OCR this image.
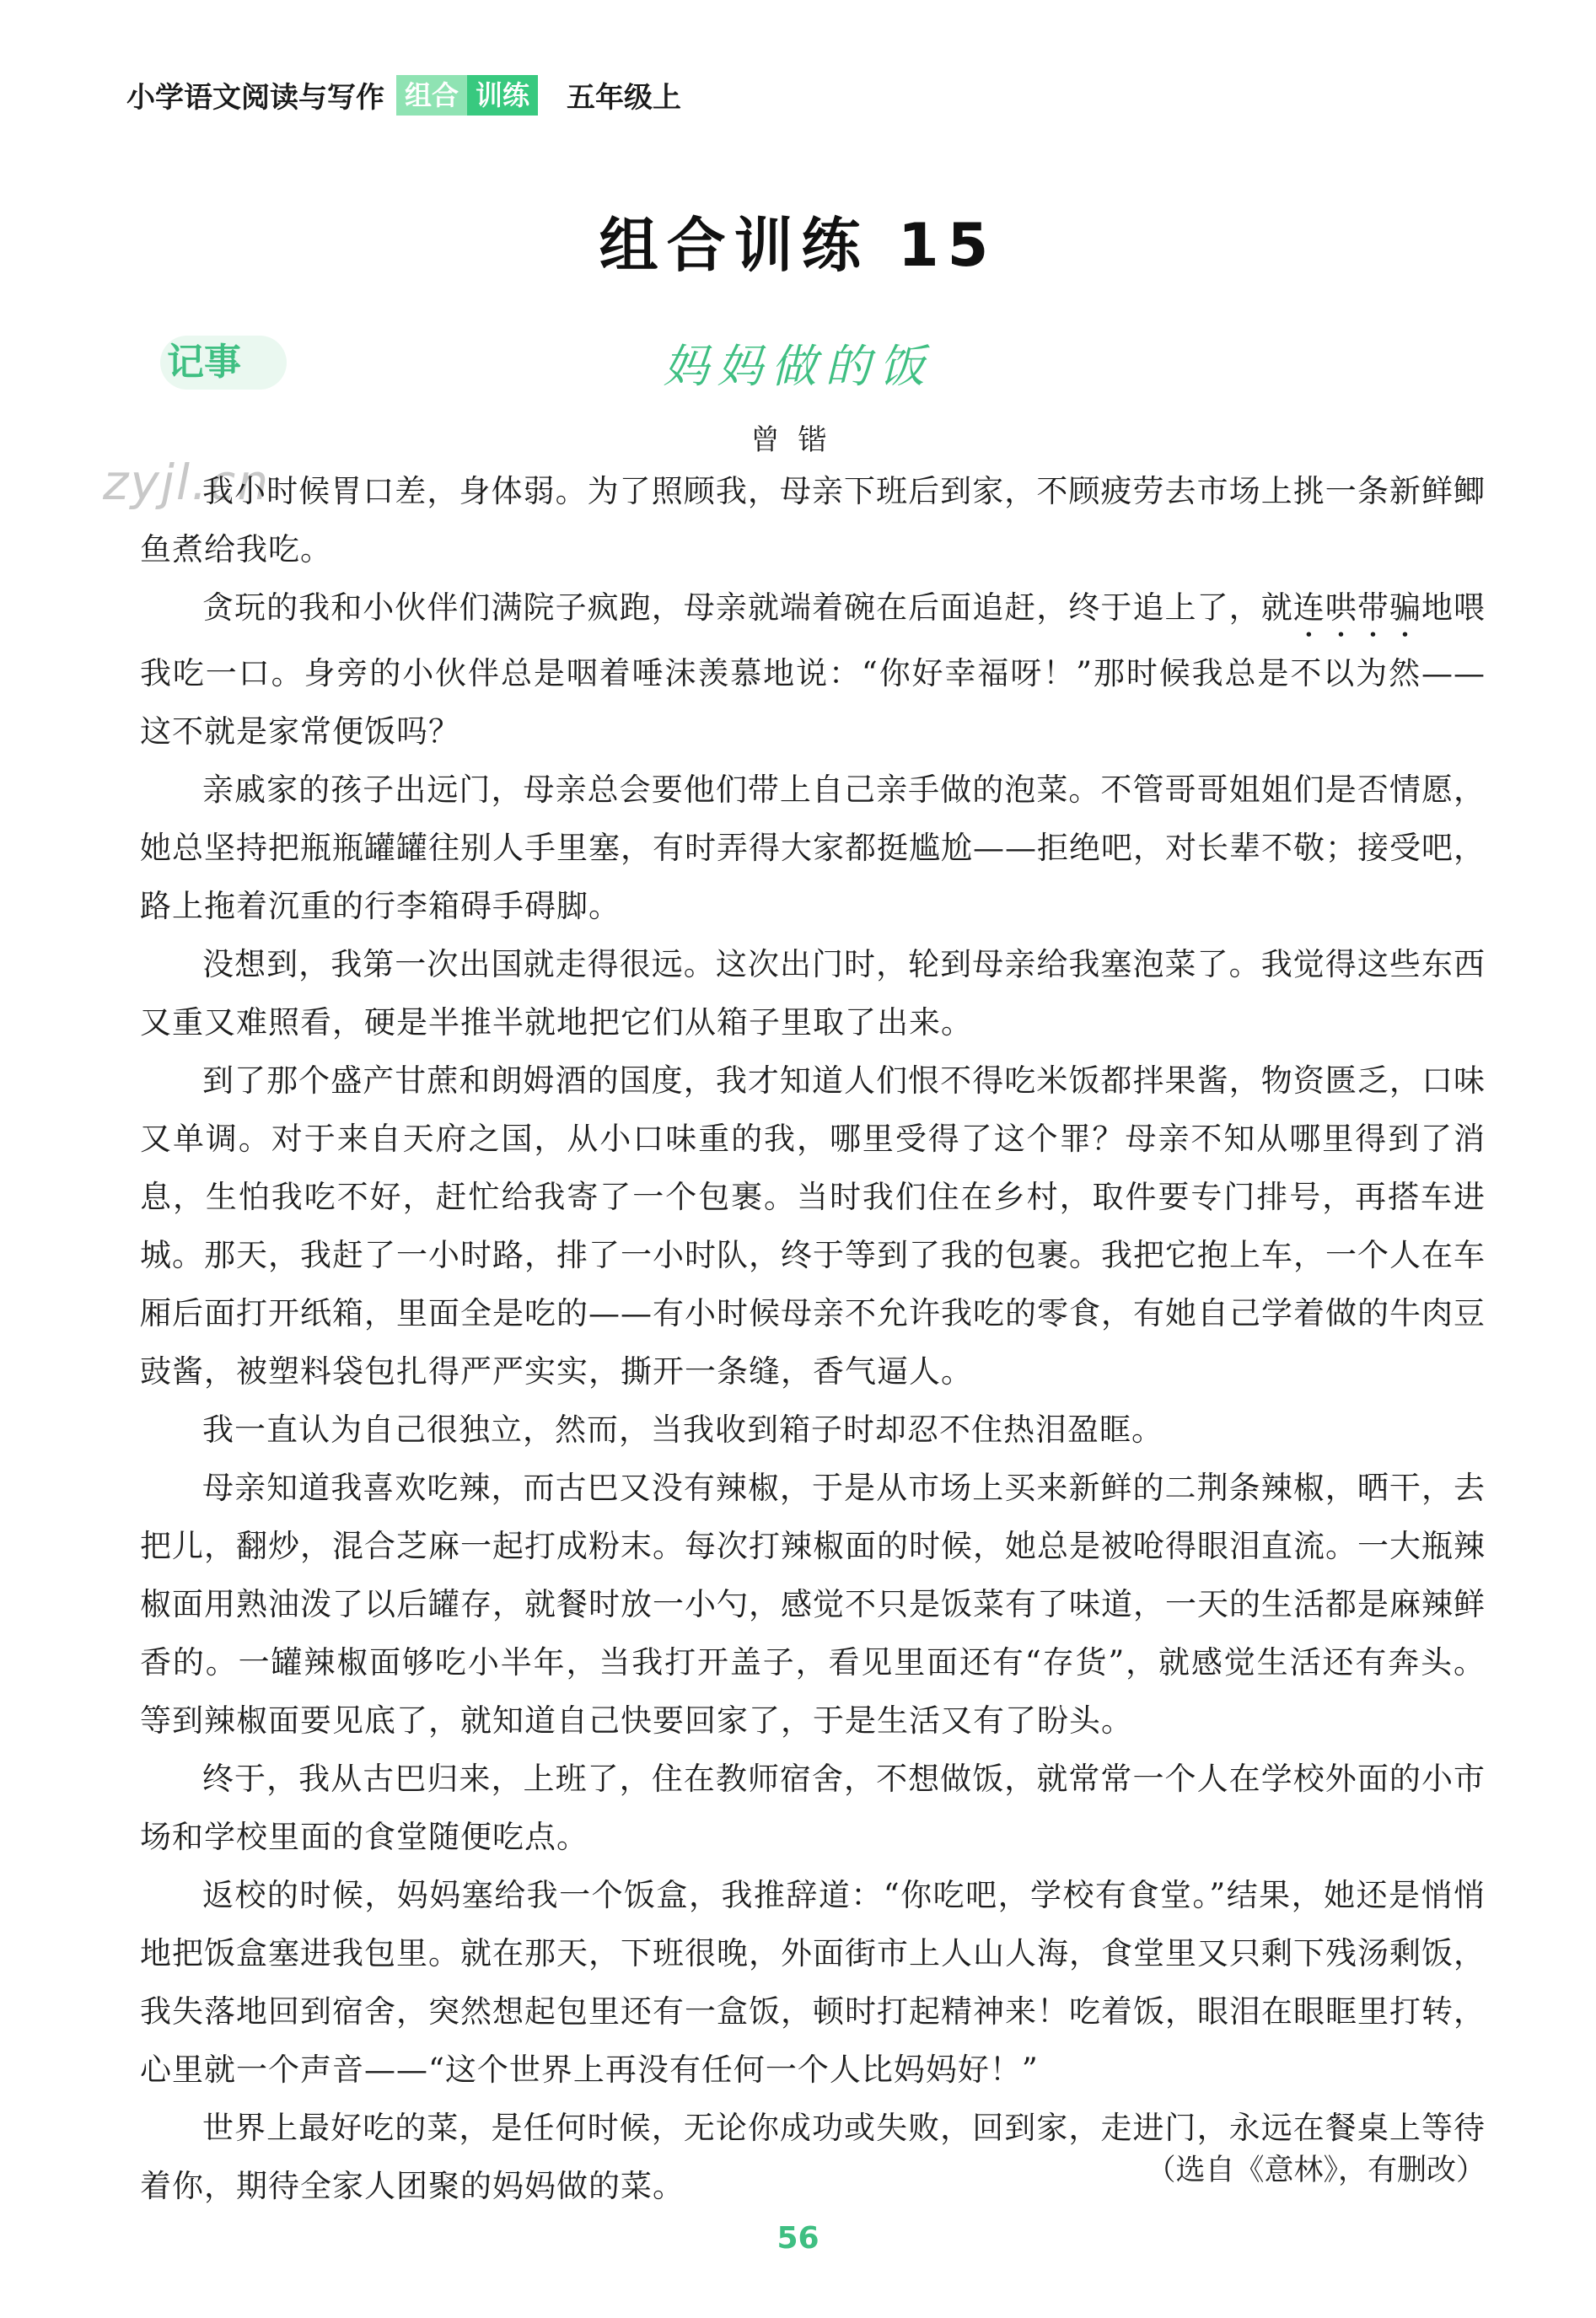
小学语文阅读与写作 组合 训练 五年级上
组合训练 15
记事	妈妈做的饭
曾锴
zyjl.cn

我小时候胃口差，身体弱。为了照顾我，母亲下班后到家，不顾疲劳去市场上挑一条新鲜鲫鱼煮给我吃。

贪玩的我和小伙伴们满院子疯跑，母亲就端着碗在后面追赶，终于追上了，就连哄带骗地喂我吃一口。身旁的小伙伴总是咽着唾沫羡慕地说：“你好幸福呀！”那时候我总是不以为然——这不就是家常便饭吗？

亲戚家的孩子出远门，母亲总会要他们带上自己亲手做的泡菜。不管哥哥姐姐们是否情愿，她总坚持把瓶瓶罐罐往别人手里塞，有时弄得大家都挺尴尬——拒绝吧，对长辈不敬；接受吧，路上拖着沉重的行李箱碍手碍脚。

没想到，我第一次出国就走得很远。这次出门时，轮到母亲给我塞泡菜了。我觉得这些东西又重又难照看，硬是半推半就地把它们从箱子里取了出来。

到了那个盛产甘蔗和朗姆酒的国度，我才知道人们恨不得吃米饭都拌果酱，物资匮乏，口味又单调。对于来自天府之国，从小口味重的我，哪里受得了这个罪？母亲不知从哪里得到了消息，生怕我吃不好，赶忙给我寄了一个包裹。当时我们住在乡村，取件要专门排号，再搭车进城。那天，我赶了一小时路，排了一小时队，终于等到了我的包裹。我把它抱上车，一个人在车厢后面打开纸箱，里面全是吃的——有小时候母亲不允许我吃的零食，有她自己学着做的牛肉豆豉酱，被塑料袋包扎得严严实实，撕开一条缝，香气逼人。

我一直认为自己很独立，然而，当我收到箱子时却忍不住热泪盈眶。

母亲知道我喜欢吃辣，而古巴又没有辣椒，于是从市场上买来新鲜的二荆条辣椒，晒干，去把儿，翻炒，混合芝麻一起打成粉末。每次打辣椒面的时候，她总是被呛得眼泪直流。一大瓶辣椒面用熟油泼了以后罐存，就餐时放一小勺，感觉不只是饭菜有了味道，一天的生活都是麻辣鲜香的。一罐辣椒面够吃小半年，当我打开盖子，看见里面还有“存货”，就感觉生活还有奔头。等到辣椒面要见底了，就知道自己快要回家了，于是生活又有了盼头。

终于，我从古巴归来，上班了，住在教师宿舍，不想做饭，就常常一个人在学校外面的小市场和学校里面的食堂随便吃点。

返校的时候，妈妈塞给我一个饭盒，我推辞道：“你吃吧，学校有食堂。”结果，她还是悄悄地把饭盒塞进我包里。就在那天，下班很晚，外面街市上人山人海，食堂里又只剩下残汤剩饭，我失落地回到宿舍，突然想起包里还有一盒饭，顿时打起精神来！吃着饭，眼泪在眼眶里打转，心里就一个声音——“这个世界上再没有任何一个人比妈妈好！”

世界上最好吃的菜，是任何时候，无论你成功或失败，回到家，走进门，永远在餐桌上等待着你，期待全家人团聚的妈妈做的菜。	（选自《意林》，有删改）
56
